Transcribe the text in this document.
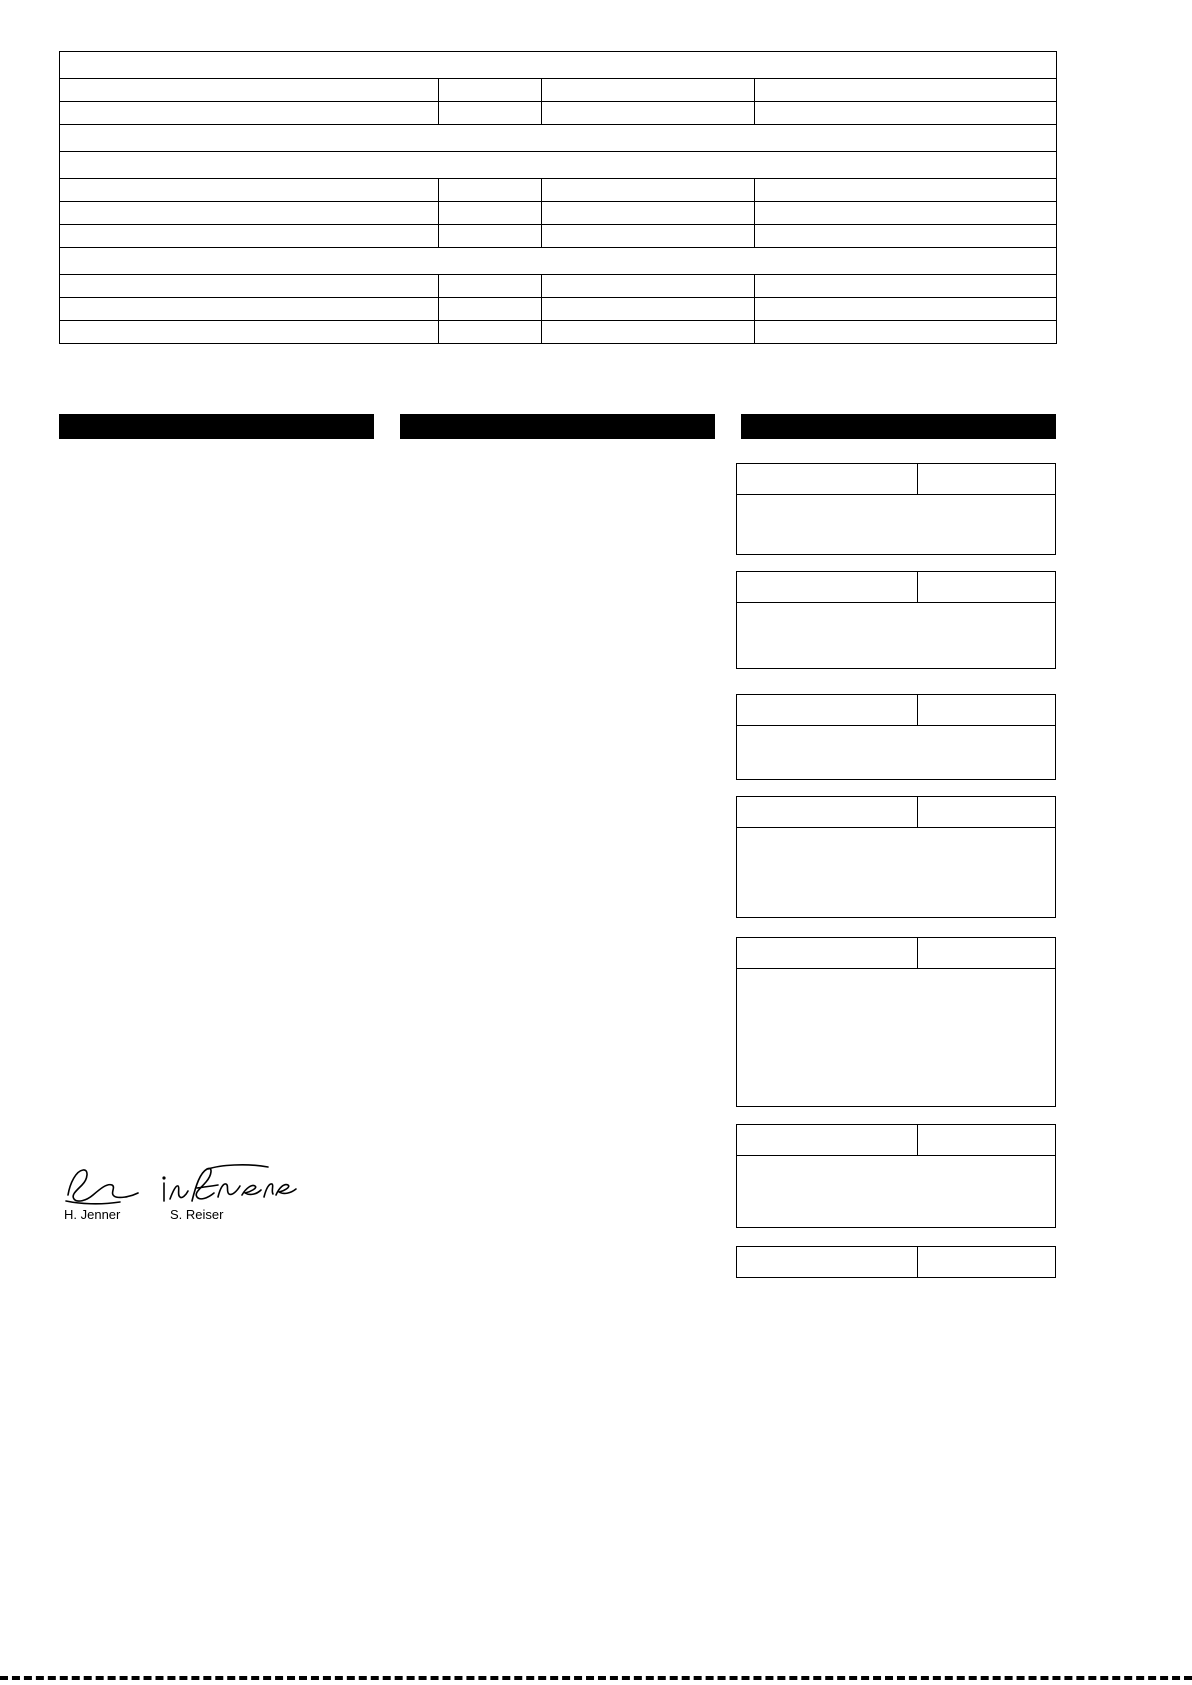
H. Jenner	S. Reiser
